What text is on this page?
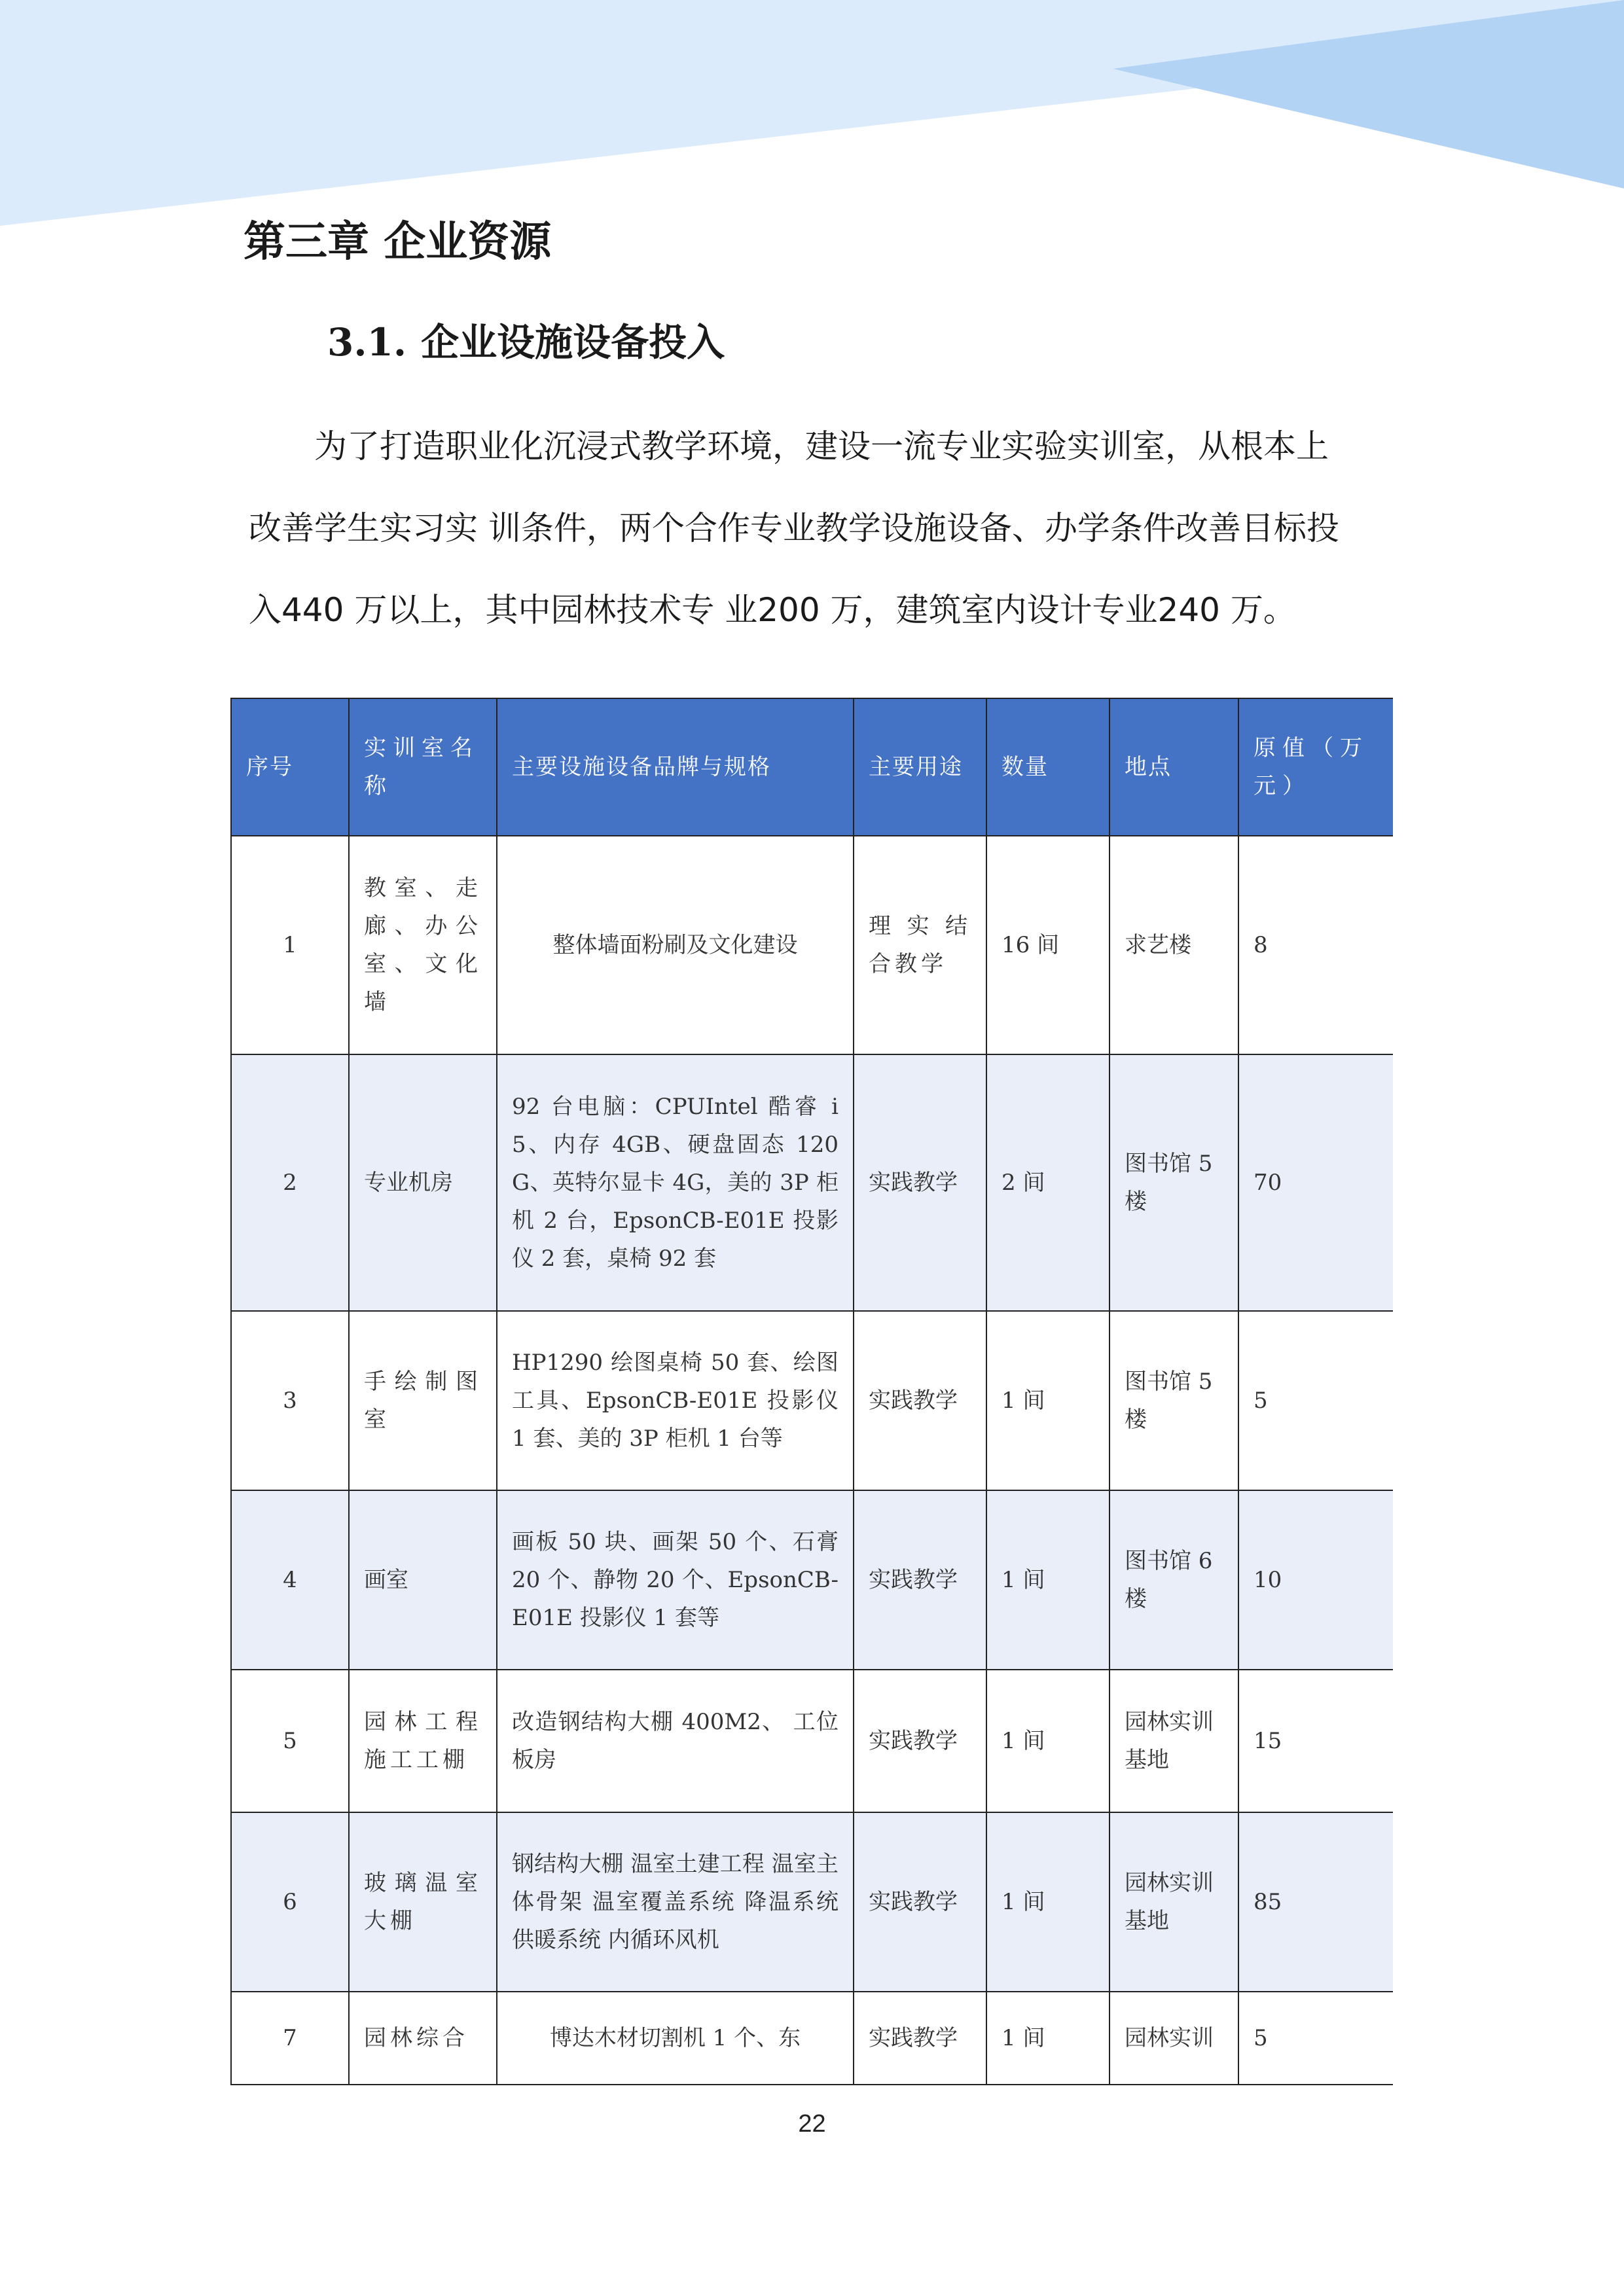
第三章 企业资源
3.1. 企业设施设备投入

为了打造职业化沉浸式教学环境，建设一流专业实验实训室，从根本上
改善学生实习实 训条件，两个合作专业教学设施设备、办学条件改善目标投
入440 万以上，其中园林技术专 业200 万，建筑室内设计专业240 万。

序号	实训室名称	主要设施设备品牌与规格	主要用途	数量	地点	原值（万元）
1	教室、走廊、办公室、文化墙	整体墙面粉刷及文化建设	理实结合教学	16 间	求艺楼	8
2	专业机房	92 台电脑：CPUIntel 酷睿 i5、内存 4GB、硬盘固态 120G、英特尔显卡 4G，美的 3P 柜机 2 台，EpsonCB-E01E 投影仪 2 套，桌椅 92 套	实践教学	2 间	图书馆 5 楼	70
3	手绘制图室	HP1290 绘图桌椅 50 套、绘图工具、EpsonCB-E01E 投影仪 1 套、美的 3P 柜机 1 台等	实践教学	1 间	图书馆 5 楼	5
4	画室	画板 50 块、画架 50 个、石膏 20 个、静物 20 个、EpsonCB-E01E 投影仪 1 套等	实践教学	1 间	图书馆 6 楼	10
5	园林工程施工工棚	改造钢结构大棚 400M2、 工位 板房	实践教学	1 间	园林实训基地	15
6	玻璃温室大棚	钢结构大棚 温室土建工程 温室主体骨架 温室覆盖系统 降温系统 供暖系统 内循环风机	实践教学	1 间	园林实训基地	85
7	园林综合	博达木材切割机 1 个、东	实践教学	1 间	园林实训	5
22
